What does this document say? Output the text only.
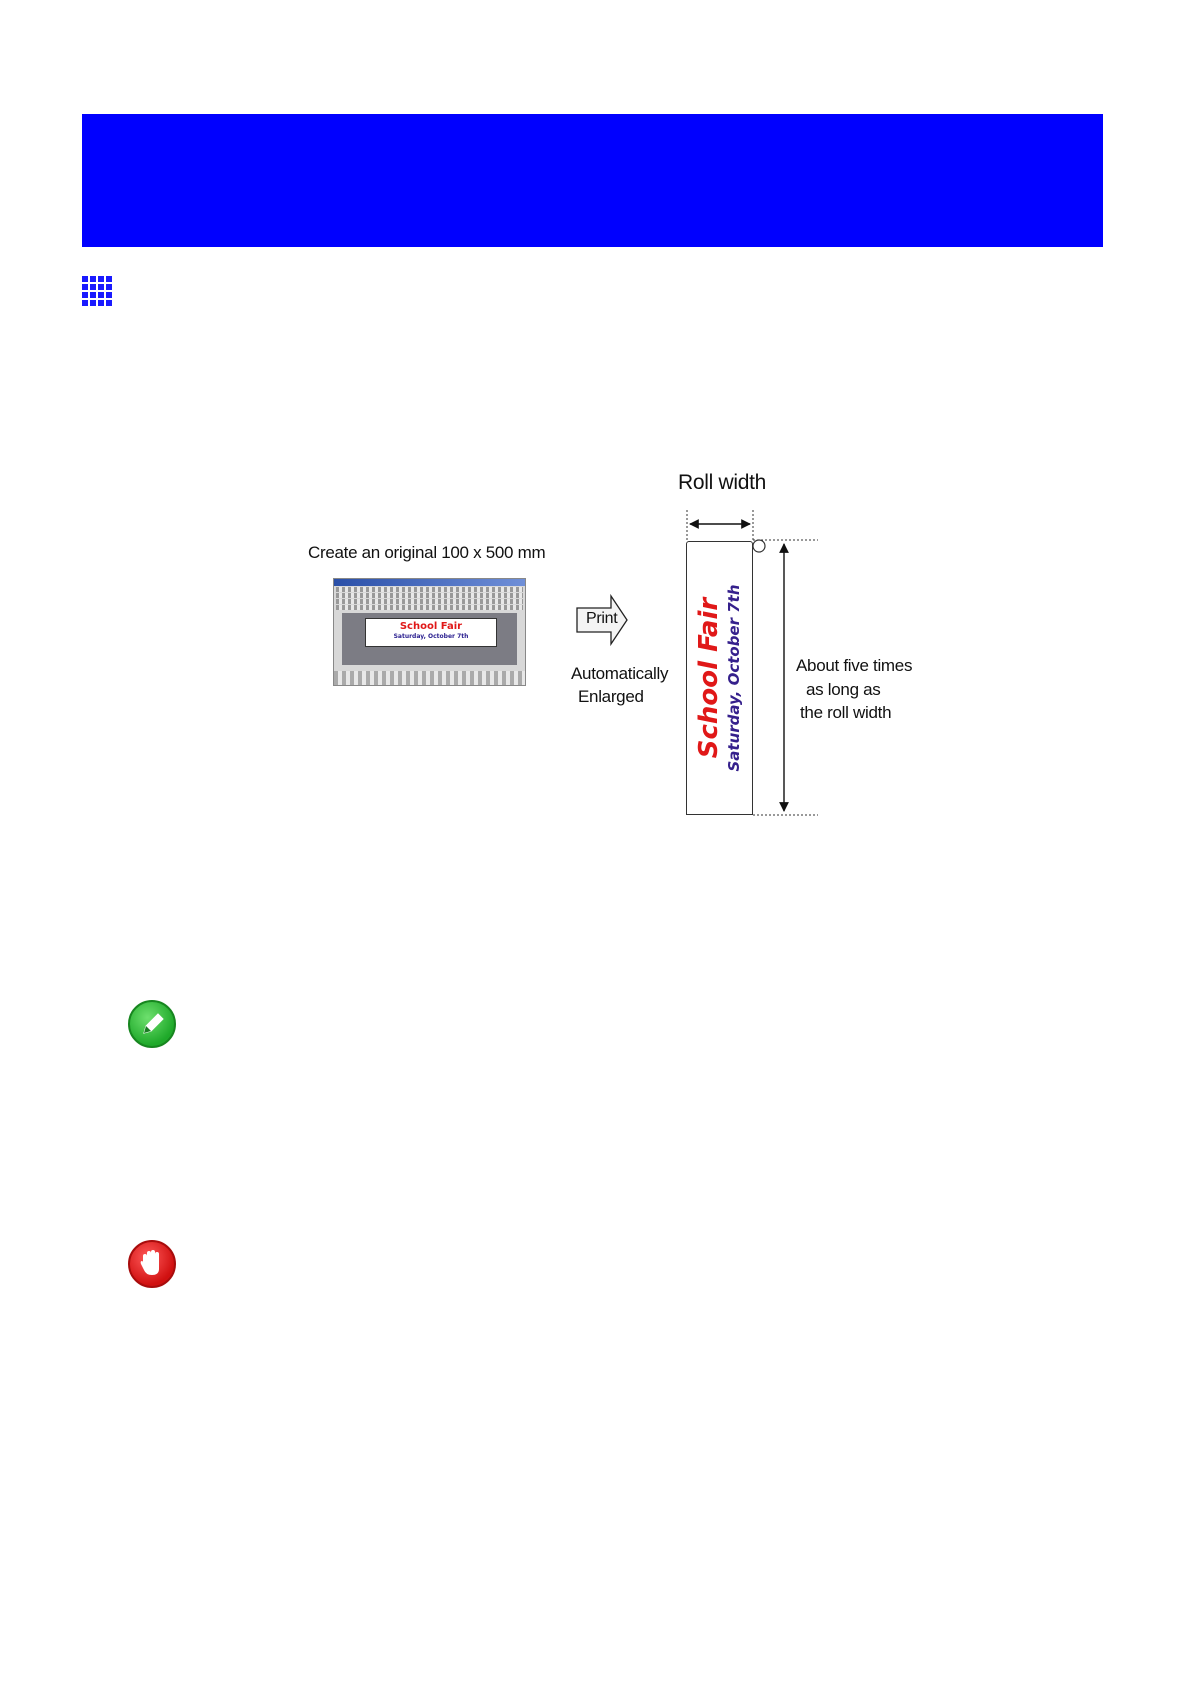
Create an original 100 x 500 mm
School Fair
Saturday, October 7th
Print
Roll width
Automatically
Enlarged
About five times
as long as
the roll width
School Fair Saturday, October 7th
